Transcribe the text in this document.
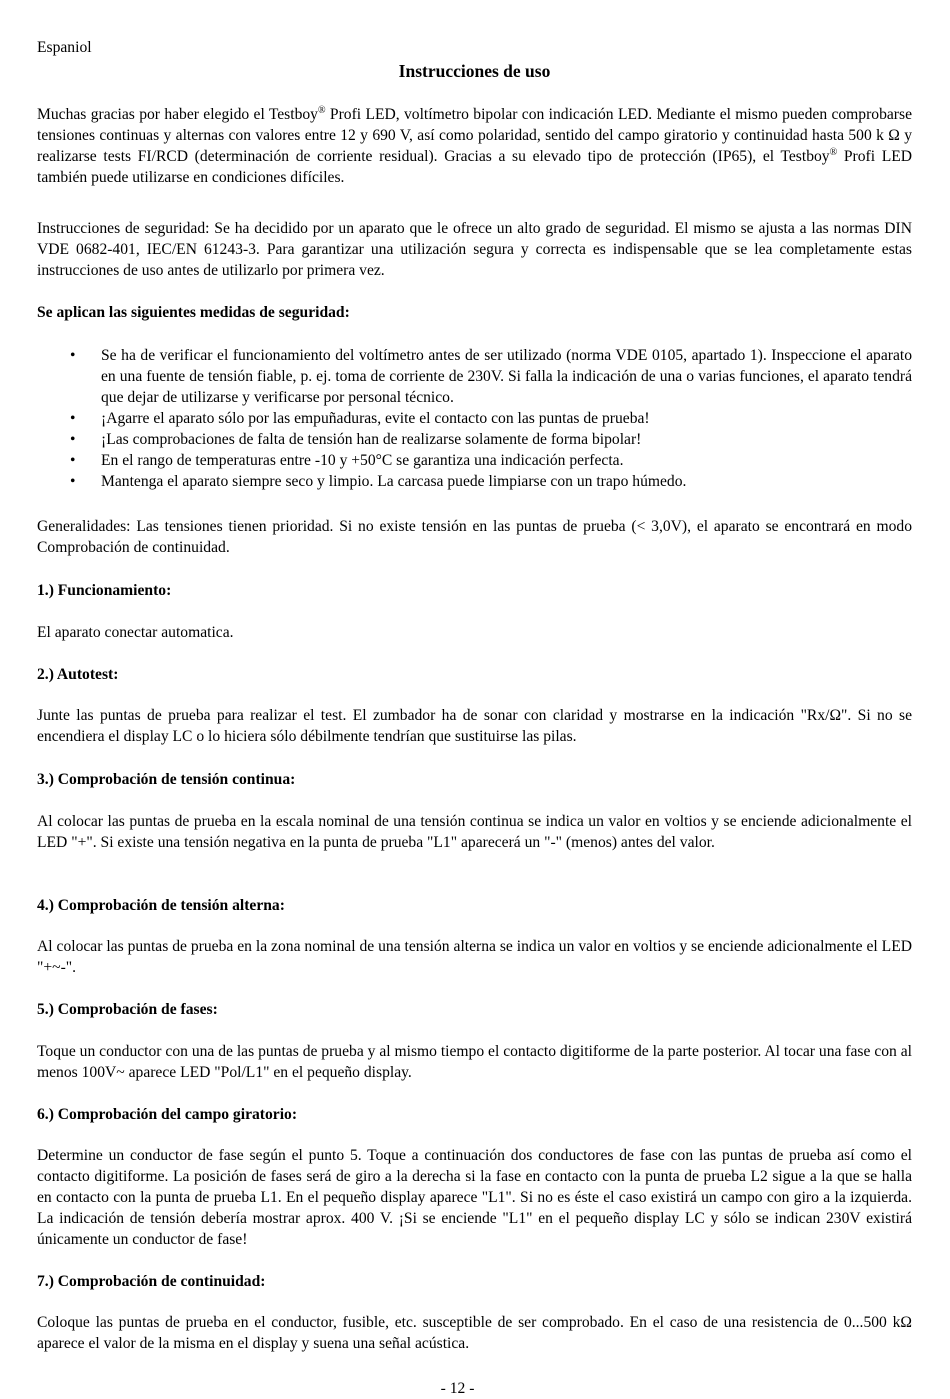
Espaniol
Instrucciones de uso

Muchas gracias por haber elegido el Testboy® Profi LED, voltímetro bipolar con indicación LED. Mediante el mismo pueden comprobarse tensiones continuas y alternas con valores entre 12 y 690 V, así como polaridad, sentido del campo giratorio y continuidad hasta 500 k Ω y realizarse tests FI/RCD (determinación de corriente residual). Gracias a su elevado tipo de protección (IP65), el Testboy® Profi LED también puede utilizarse en condiciones difíciles.

Instrucciones de seguridad: Se ha decidido por un aparato que le ofrece un alto grado de seguridad. El mismo se ajusta a las normas DIN VDE 0682-401, IEC/EN 61243-3. Para garantizar una utilización segura y correcta es indispensable que se lea completamente estas instrucciones de uso antes de utilizarlo por primera vez.
Se aplican las siguientes medidas de seguridad:
• Se ha de verificar el funcionamiento del voltímetro antes de ser utilizado (norma VDE 0105, apartado 1). Inspeccione el aparato en una fuente de tensión fiable, p. ej. toma de corriente de 230V. Si falla la indicación de una o varias funciones, el aparato tendrá que dejar de utilizarse y verificarse por personal técnico.
• ¡Agarre el aparato sólo por las empuñaduras, evite el contacto con las puntas de prueba!
• ¡Las comprobaciones de falta de tensión han de realizarse solamente de forma bipolar!
• En el rango de temperaturas entre -10 y +50°C se garantiza una indicación perfecta.
• Mantenga el aparato siempre seco y limpio. La carcasa puede limpiarse con un trapo húmedo.
Generalidades: Las tensiones tienen prioridad. Si no existe tensión en las puntas de prueba (< 3,0V), el aparato se encontrará en modo Comprobación de continuidad.
1.) Funcionamiento:
El aparato conectar automatica.
2.) Autotest:
Junte las puntas de prueba para realizar el test. El zumbador ha de sonar con claridad y mostrarse en la indicación "Rx/Ω". Si no se encendiera el display LC o lo hiciera sólo débilmente tendrían que sustituirse las pilas.
3.) Comprobación de tensión continua:
Al colocar las puntas de prueba en la escala nominal de una tensión continua se indica un valor en voltios y se enciende adicionalmente el LED "+". Si existe una tensión negativa en la punta de prueba "L1" aparecerá un "-" (menos) antes del valor.
4.) Comprobación de tensión alterna:
Al colocar las puntas de prueba en la zona nominal de una tensión alterna se indica un valor en voltios y se enciende adicionalmente el LED "+~-".
5.) Comprobación de fases:
Toque un conductor con una de las puntas de prueba y al mismo tiempo el contacto digitiforme de la parte posterior. Al tocar una fase con al menos 100V~ aparece LED "Pol/L1" en el pequeño display.
6.) Comprobación del campo giratorio:
Determine un conductor de fase según el punto 5. Toque a continuación dos conductores de fase con las puntas de prueba así como el contacto digitiforme. La posición de fases será de giro a la derecha si la fase en contacto con la punta de prueba L2 sigue a la que se halla en contacto con la punta de prueba L1. En el pequeño display aparece "L1". Si no es éste el caso existirá un campo con giro a la izquierda. La indicación de tensión debería mostrar aprox. 400 V. ¡Si se enciende "L1" en el pequeño display LC y sólo se indican 230V existirá únicamente un conductor de fase!
7.) Comprobación de continuidad:
Coloque las puntas de prueba en el conductor, fusible, etc. susceptible de ser comprobado. En el caso de una resistencia de 0...500 kΩ aparece el valor de la misma en el display y suena una señal acústica.
- 12 -
